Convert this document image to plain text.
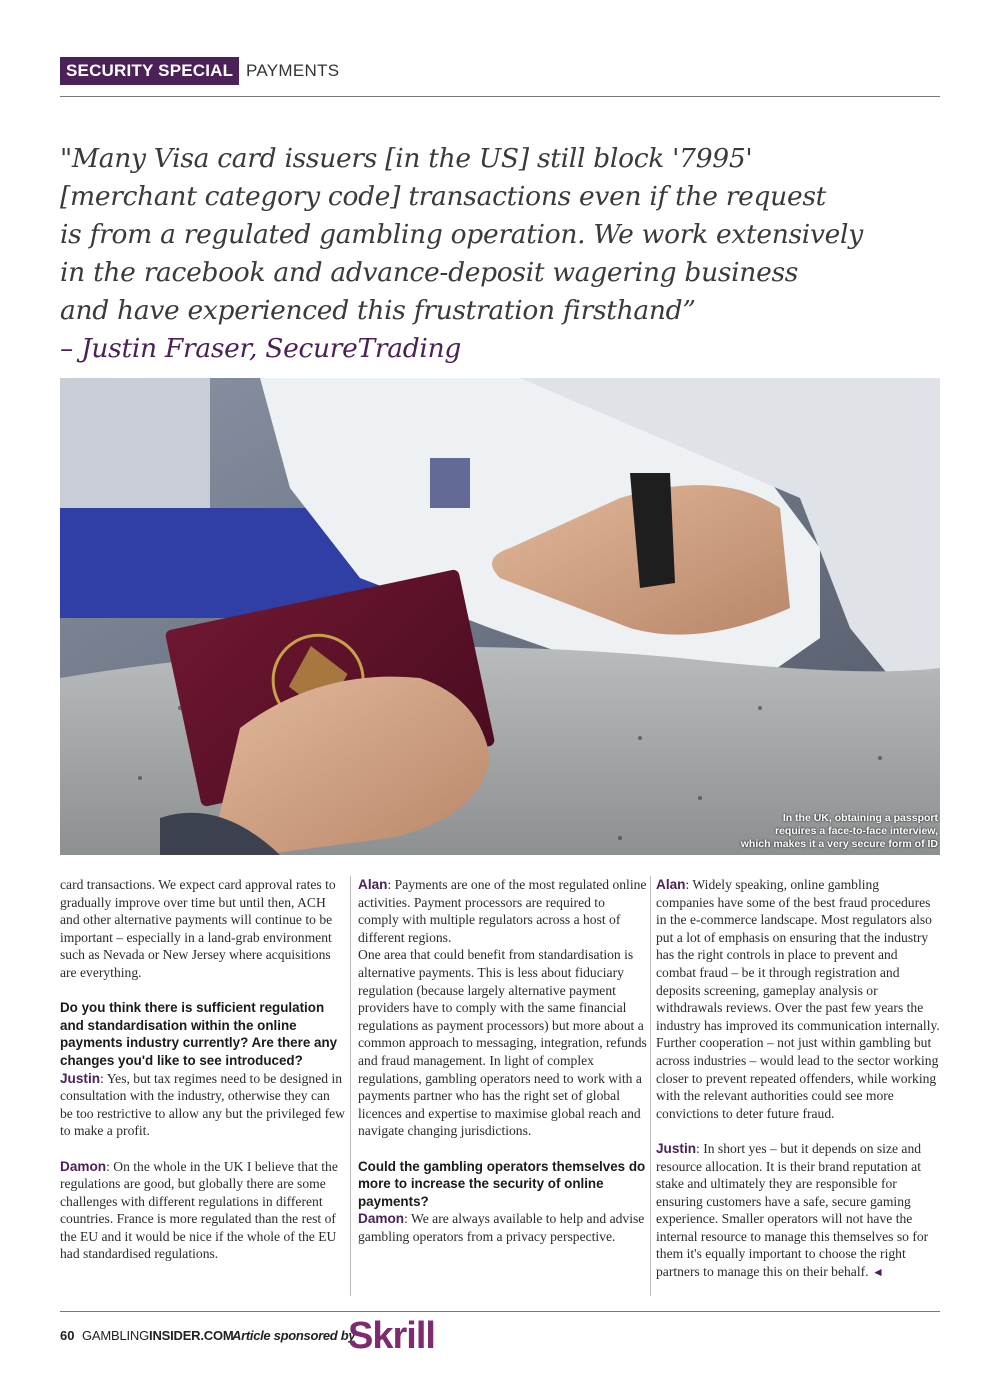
SECURITY SPECIAL PAYMENTS
"Many Visa card issuers [in the US] still block '7995'
[merchant category code] transactions even if the request
is from a regulated gambling operation. We work extensively
in the racebook and advance-deposit wagering business
and have experienced this frustration firsthand”
– Justin Fraser, SecureTrading
In the UK, obtaining a passport
requires a face-to-face interview,
which makes it a very secure form of ID

card transactions. We expect card approval rates to gradually improve over time but until then, ACH and other alternative payments will continue to be important – especially in a land-grab environment such as Nevada or New Jersey where acquisitions are everything.

Do you think there is sufficient regulation and standardisation within the online payments industry currently? Are there any changes you'd like to see introduced?

Justin: Yes, but tax regimes need to be designed in consultation with the industry, otherwise they can be too restrictive to allow any but the privileged few to make a profit.

Damon: On the whole in the UK I believe that the regulations are good, but globally there are some challenges with different regulations in different countries. France is more regulated than the rest of the EU and it would be nice if the whole of the EU had standardised regulations.

Alan: Payments are one of the most regulated online activities. Payment processors are required to comply with multiple regulators across a host of different regions.

One area that could benefit from standardisation is alternative payments. This is less about fiduciary regulation (because largely alternative payment providers have to comply with the same financial regulations as payment processors) but more about a common approach to messaging, integration, refunds and fraud management. In light of complex regulations, gambling operators need to work with a payments partner who has the right set of global licences and expertise to maximise global reach and navigate changing jurisdictions.

Could the gambling operators themselves do more to increase the security of online payments?

Damon: We are always available to help and advise gambling operators from a privacy perspective.

Alan: Widely speaking, online gambling companies have some of the best fraud procedures in the e-commerce landscape. Most regulators also put a lot of emphasis on ensuring that the industry has the right controls in place to prevent and combat fraud – be it through registration and deposits screening, gameplay analysis or withdrawals reviews. Over the past few years the industry has improved its communication internally. Further cooperation – not just within gambling but across industries – would lead to the sector working closer to prevent repeated offenders, while working with the relevant authorities could see more convictions to deter future fraud.

Justin: In short yes – but it depends on size and resource allocation. It is their brand reputation at stake and ultimately they are responsible for ensuring customers have a safe, secure gaming experience. Smaller operators will not have the internal resource to manage this themselves so for them it's equally important to choose the right partners to manage this on their behalf. ◄

60 GAMBLINGINSIDER.COM
Article sponsored by
Skrill
